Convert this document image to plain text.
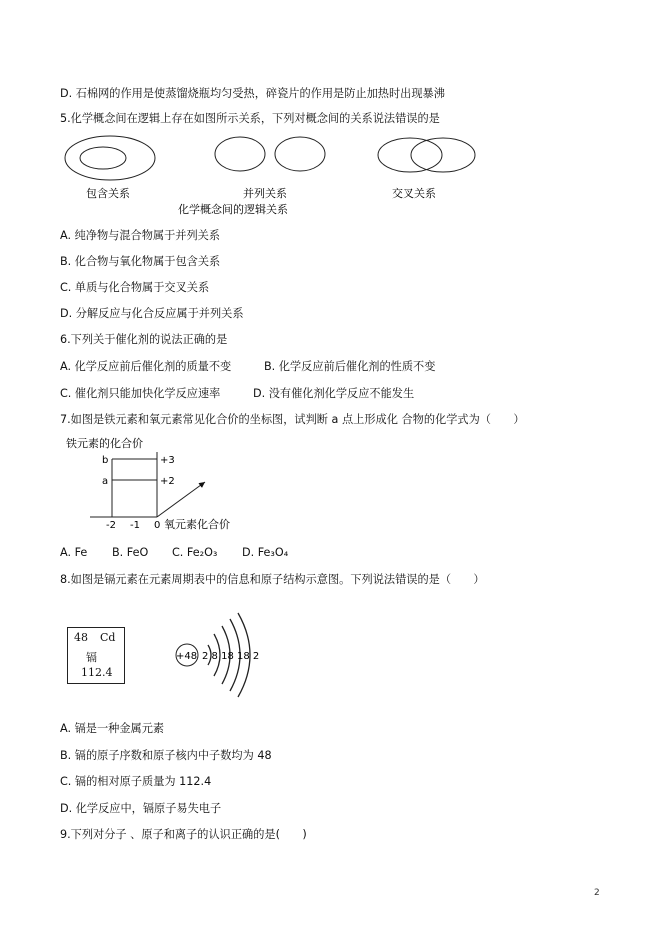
D. 石棉网的作用是使蒸馏烧瓶均匀受热，碎瓷片的作用是防止加热时出现暴沸
5.化学概念间在逻辑上存在如图所示关系，下列对概念间的关系说法错误的是
包含关系	并列关系	交叉关系
化学概念间的逻辑关系
A. 纯净物与混合物属于并列关系
B. 化合物与氧化物属于包含关系
C. 单质与化合物属于交叉关系
D. 分解反应与化合反应属于并列关系
6.下列关于催化剂的说法正确的是
A. 化学反应前后催化剂的质量不变	B. 化学反应前后催化剂的性质不变
C. 催化剂只能加快化学反应速率	D. 没有催化剂化学反应不能发生
7.如图是铁元素和氧元素常见化合价的坐标图，试判断 a 点上形成化 合物的化学式为（　　）
铁元素的化合价
b
a
+3
+2
-2 -1 0 氧元素化合价
A. Fe B. FeO C. Fe₂O₃ D. Fe₃O₄
8.如图是镉元素在元素周期表中的信息和原子结构示意图。下列说法错误的是（　　）
48 Cd
镉
112.4
+48 2 8 18 18 2
A. 镉是一种金属元素
B. 镉的原子序数和原子核内中子数均为 48
C. 镉的相对原子质量为 112.4
D. 化学反应中，镉原子易失电子
9.下列对分子 、原子和离子的认识正确的是(　　)
2
